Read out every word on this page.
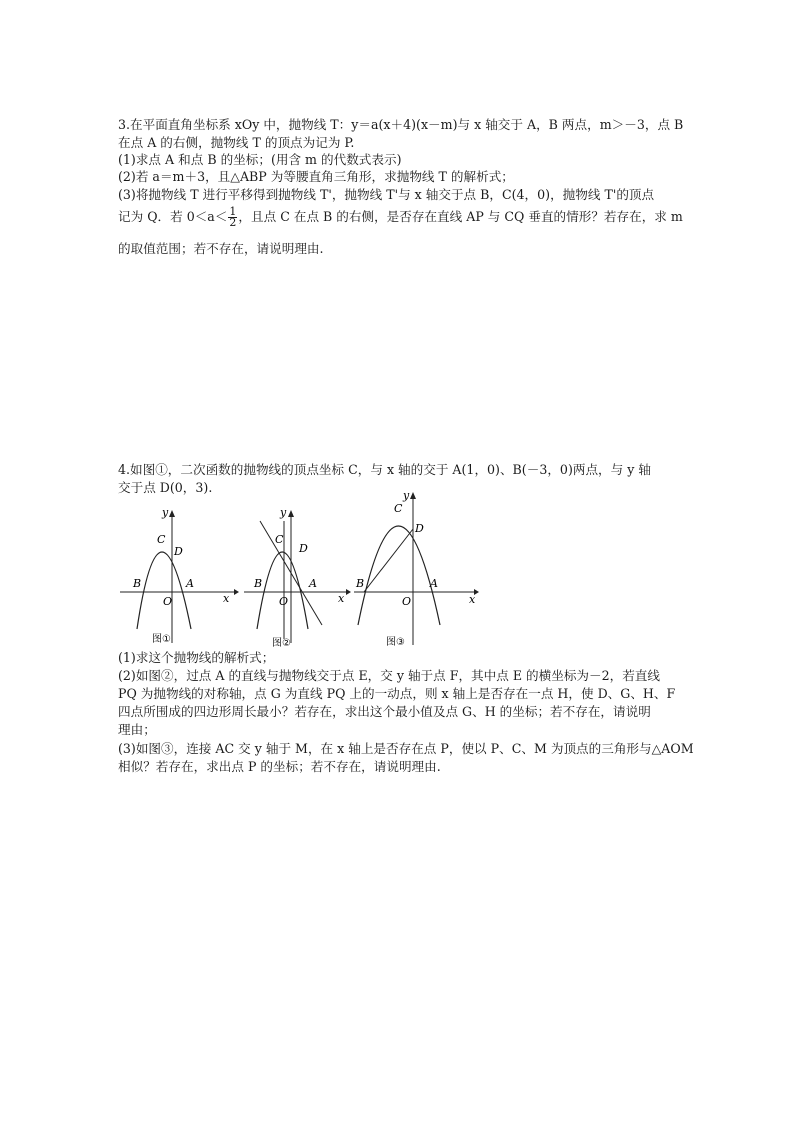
3.在平面直角坐标系 xOy 中，抛物线 T：y＝a(x＋4)(x－m)与 x 轴交于 A，B 两点，m＞－3，点 B
在点 A 的右侧，抛物线 T 的顶点为记为 P.
(1)求点 A 和点 B 的坐标；(用含 m 的代数式表示)
(2)若 a＝m＋3，且△ABP 为等腰直角三角形，求抛物线 T 的解析式；
(3)将抛物线 T 进行平移得到抛物线 T'，抛物线 T'与 x 轴交于点 B，C(4，0)，抛物线 T'的顶点
记为 Q．若 $0<a< \frac{1}{2}$ ，且点 C 在点 B 的右侧，是否存在直线 AP 与 CQ 垂直的情形？若存在，求 m
的取值范围；若不存在，请说明理由.
4.如图①，二次函数的抛物线的顶点坐标 C，与 x 轴的交于 A(1，0)、B(－3，0)两点，与 y 轴
交于点 D(0，3).
y
x
C
D
B	A
O
图①
y
x
C
D
B	A
O
图②
y
x
C
D
B	A
O
图③
(1)求这个抛物线的解析式；
(2)如图②，过点 A 的直线与抛物线交于点 E，交 y 轴于点 F，其中点 E 的横坐标为－2，若直线
PQ 为抛物线的对称轴，点 G 为直线 PQ 上的一动点，则 x 轴上是否存在一点 H，使 D、G、H、F
四点所围成的四边形周长最小？若存在，求出这个最小值及点 G、H 的坐标；若不存在，请说明
理由；
(3)如图③，连接 AC 交 y 轴于 M，在 x 轴上是否存在点 P，使以 P、C、M 为顶点的三角形与△AOM
相似？若存在，求出点 P 的坐标；若不存在，请说明理由.
